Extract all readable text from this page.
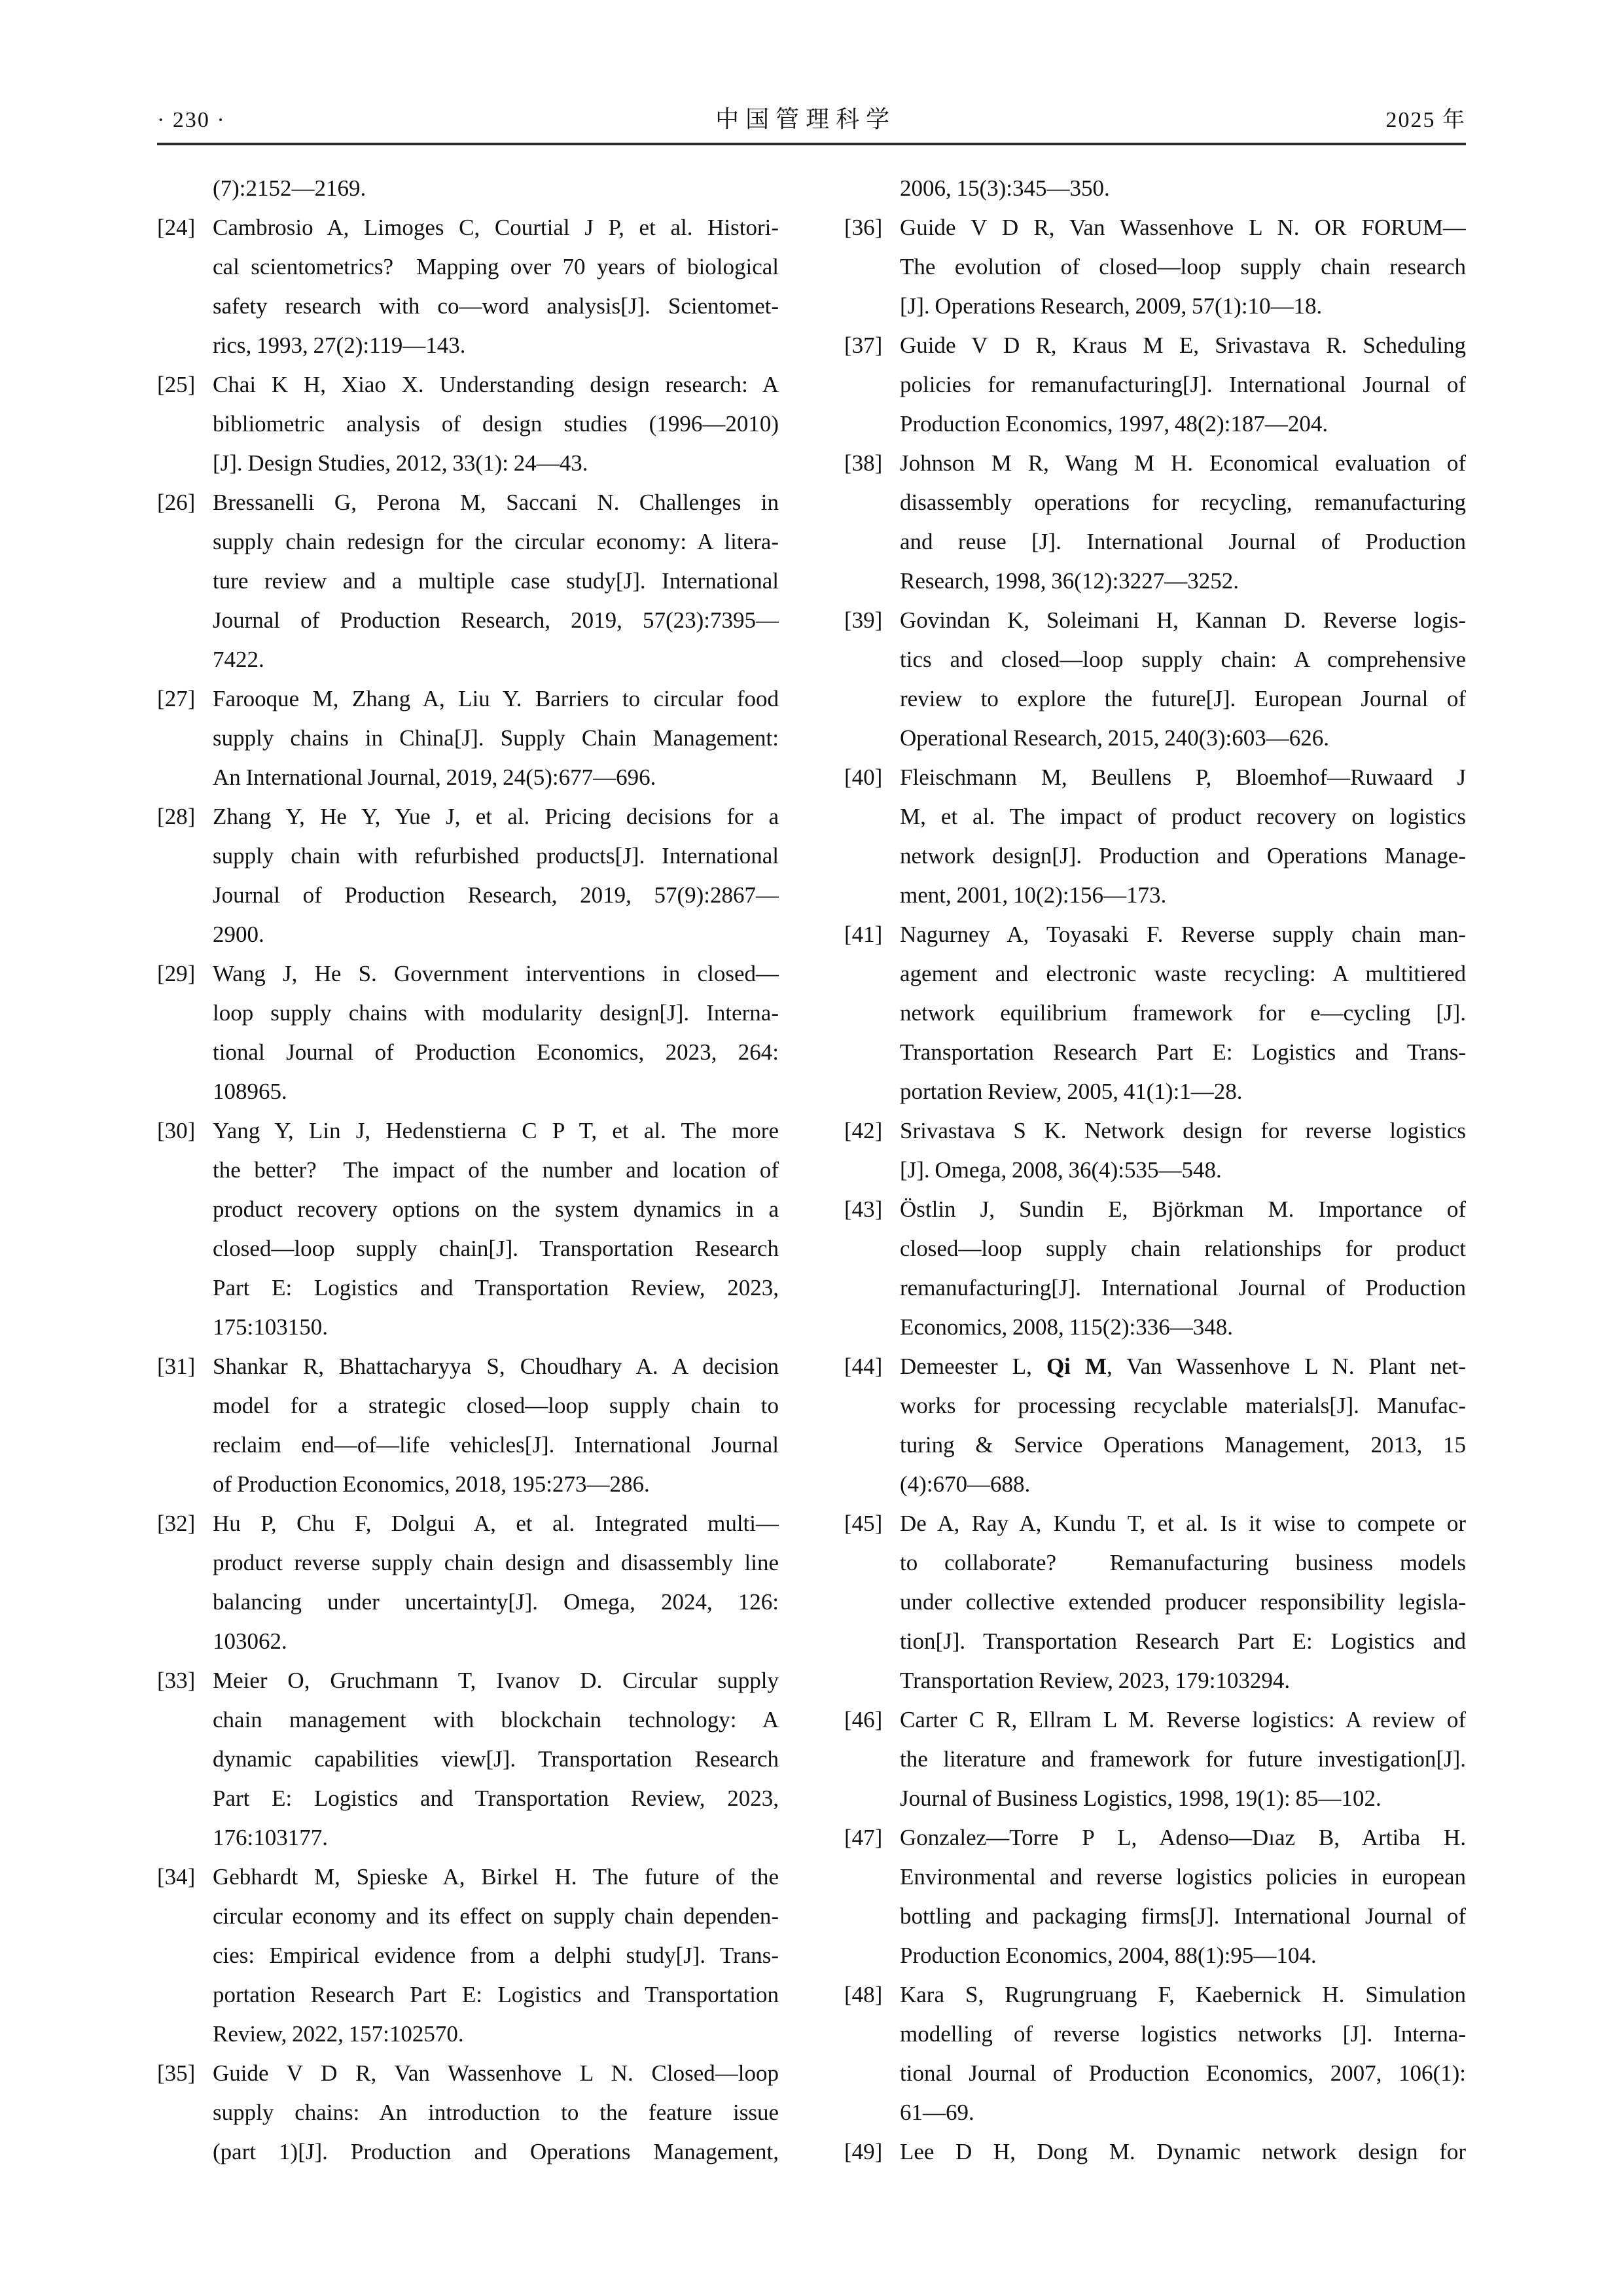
· 230 ·	中国管理科学	2025 年
(7):2152—2169.
[24] Cambrosio A, Limoges C, Courtial J P, et al. Histori-
cal scientometrics?  Mapping over 70 years of biological
safety research with co—word analysis[J]. Scientomet-
rics, 1993, 27(2):119—143.
[25] Chai K H, Xiao X. Understanding design research: A
bibliometric analysis of design studies (1996—2010)
[J]. Design Studies, 2012, 33(1): 24—43.
[26] Bressanelli G, Perona M, Saccani N. Challenges in
supply chain redesign for the circular economy: A litera-
ture review and a multiple case study[J]. International
Journal of Production Research, 2019, 57(23):7395—
7422.
[27] Farooque M, Zhang A, Liu Y. Barriers to circular food
supply chains in China[J]. Supply Chain Management:
An International Journal, 2019, 24(5):677—696.
[28] Zhang Y, He Y, Yue J, et al. Pricing decisions for a
supply chain with refurbished products[J]. International
Journal of Production Research, 2019, 57(9):2867—
2900.
[29] Wang J, He S. Government interventions in closed—
loop supply chains with modularity design[J]. Interna-
tional Journal of Production Economics, 2023, 264:
108965.
[30] Yang Y, Lin J, Hedenstierna C P T, et al. The more
the better?  The impact of the number and location of
product recovery options on the system dynamics in a
closed—loop supply chain[J]. Transportation Research
Part E: Logistics and Transportation Review, 2023,
175:103150.
[31] Shankar R, Bhattacharyya S, Choudhary A. A decision
model for a strategic closed—loop supply chain to
reclaim end—of—life vehicles[J]. International Journal
of Production Economics, 2018, 195:273—286.
[32] Hu P, Chu F, Dolgui A, et al. Integrated multi—
product reverse supply chain design and disassembly line
balancing under uncertainty[J]. Omega, 2024, 126:
103062.
[33] Meier O, Gruchmann T, Ivanov D. Circular supply
chain management with blockchain technology: A
dynamic capabilities view[J]. Transportation Research
Part E: Logistics and Transportation Review, 2023,
176:103177.
[34] Gebhardt M, Spieske A, Birkel H. The future of the
circular economy and its effect on supply chain dependen-
cies: Empirical evidence from a delphi study[J]. Trans-
portation Research Part E: Logistics and Transportation
Review, 2022, 157:102570.
[35] Guide V D R, Van Wassenhove L N. Closed—loop
supply chains: An introduction to the feature issue
(part 1)[J]. Production and Operations Management,
2006, 15(3):345—350.
[36] Guide V D R, Van Wassenhove L N. OR FORUM—
The evolution of closed—loop supply chain research
[J]. Operations Research, 2009, 57(1):10—18.
[37] Guide V D R, Kraus M E, Srivastava R. Scheduling
policies for remanufacturing[J]. International Journal of
Production Economics, 1997, 48(2):187—204.
[38] Johnson M R, Wang M H. Economical evaluation of
disassembly operations for recycling, remanufacturing
and reuse [J]. International Journal of Production
Research, 1998, 36(12):3227—3252.
[39] Govindan K, Soleimani H, Kannan D. Reverse logis-
tics and closed—loop supply chain: A comprehensive
review to explore the future[J]. European Journal of
Operational Research, 2015, 240(3):603—626.
[40] Fleischmann M, Beullens P, Bloemhof—Ruwaard J
M, et al. The impact of product recovery on logistics
network design[J]. Production and Operations Manage-
ment, 2001, 10(2):156—173.
[41] Nagurney A, Toyasaki F. Reverse supply chain man-
agement and electronic waste recycling: A multitiered
network equilibrium framework for e—cycling [J].
Transportation Research Part E: Logistics and Trans-
portation Review, 2005, 41(1):1—28.
[42] Srivastava S K. Network design for reverse logistics
[J]. Omega, 2008, 36(4):535—548.
[43] Östlin J, Sundin E, Björkman M. Importance of
closed—loop supply chain relationships for product
remanufacturing[J]. International Journal of Production
Economics, 2008, 115(2):336—348.
[44] Demeester L, Qi M, Van Wassenhove L N. Plant net-
works for processing recyclable materials[J]. Manufac-
turing & Service Operations Management, 2013, 15
(4):670—688.
[45] De A, Ray A, Kundu T, et al. Is it wise to compete or
to collaborate?  Remanufacturing business models
under collective extended producer responsibility legisla-
tion[J]. Transportation Research Part E: Logistics and
Transportation Review, 2023, 179:103294.
[46] Carter C R, Ellram L M. Reverse logistics: A review of
the literature and framework for future investigation[J].
Journal of Business Logistics, 1998, 19(1): 85—102.
[47] Gonzalez—Torre P L, Adenso—Dıaz B, Artiba H.
Environmental and reverse logistics policies in european
bottling and packaging firms[J]. International Journal of
Production Economics, 2004, 88(1):95—104.
[48] Kara S, Rugrungruang F, Kaebernick H. Simulation
modelling of reverse logistics networks [J]. Interna-
tional Journal of Production Economics, 2007, 106(1):
61—69.
[49] Lee D H, Dong M. Dynamic network design for
